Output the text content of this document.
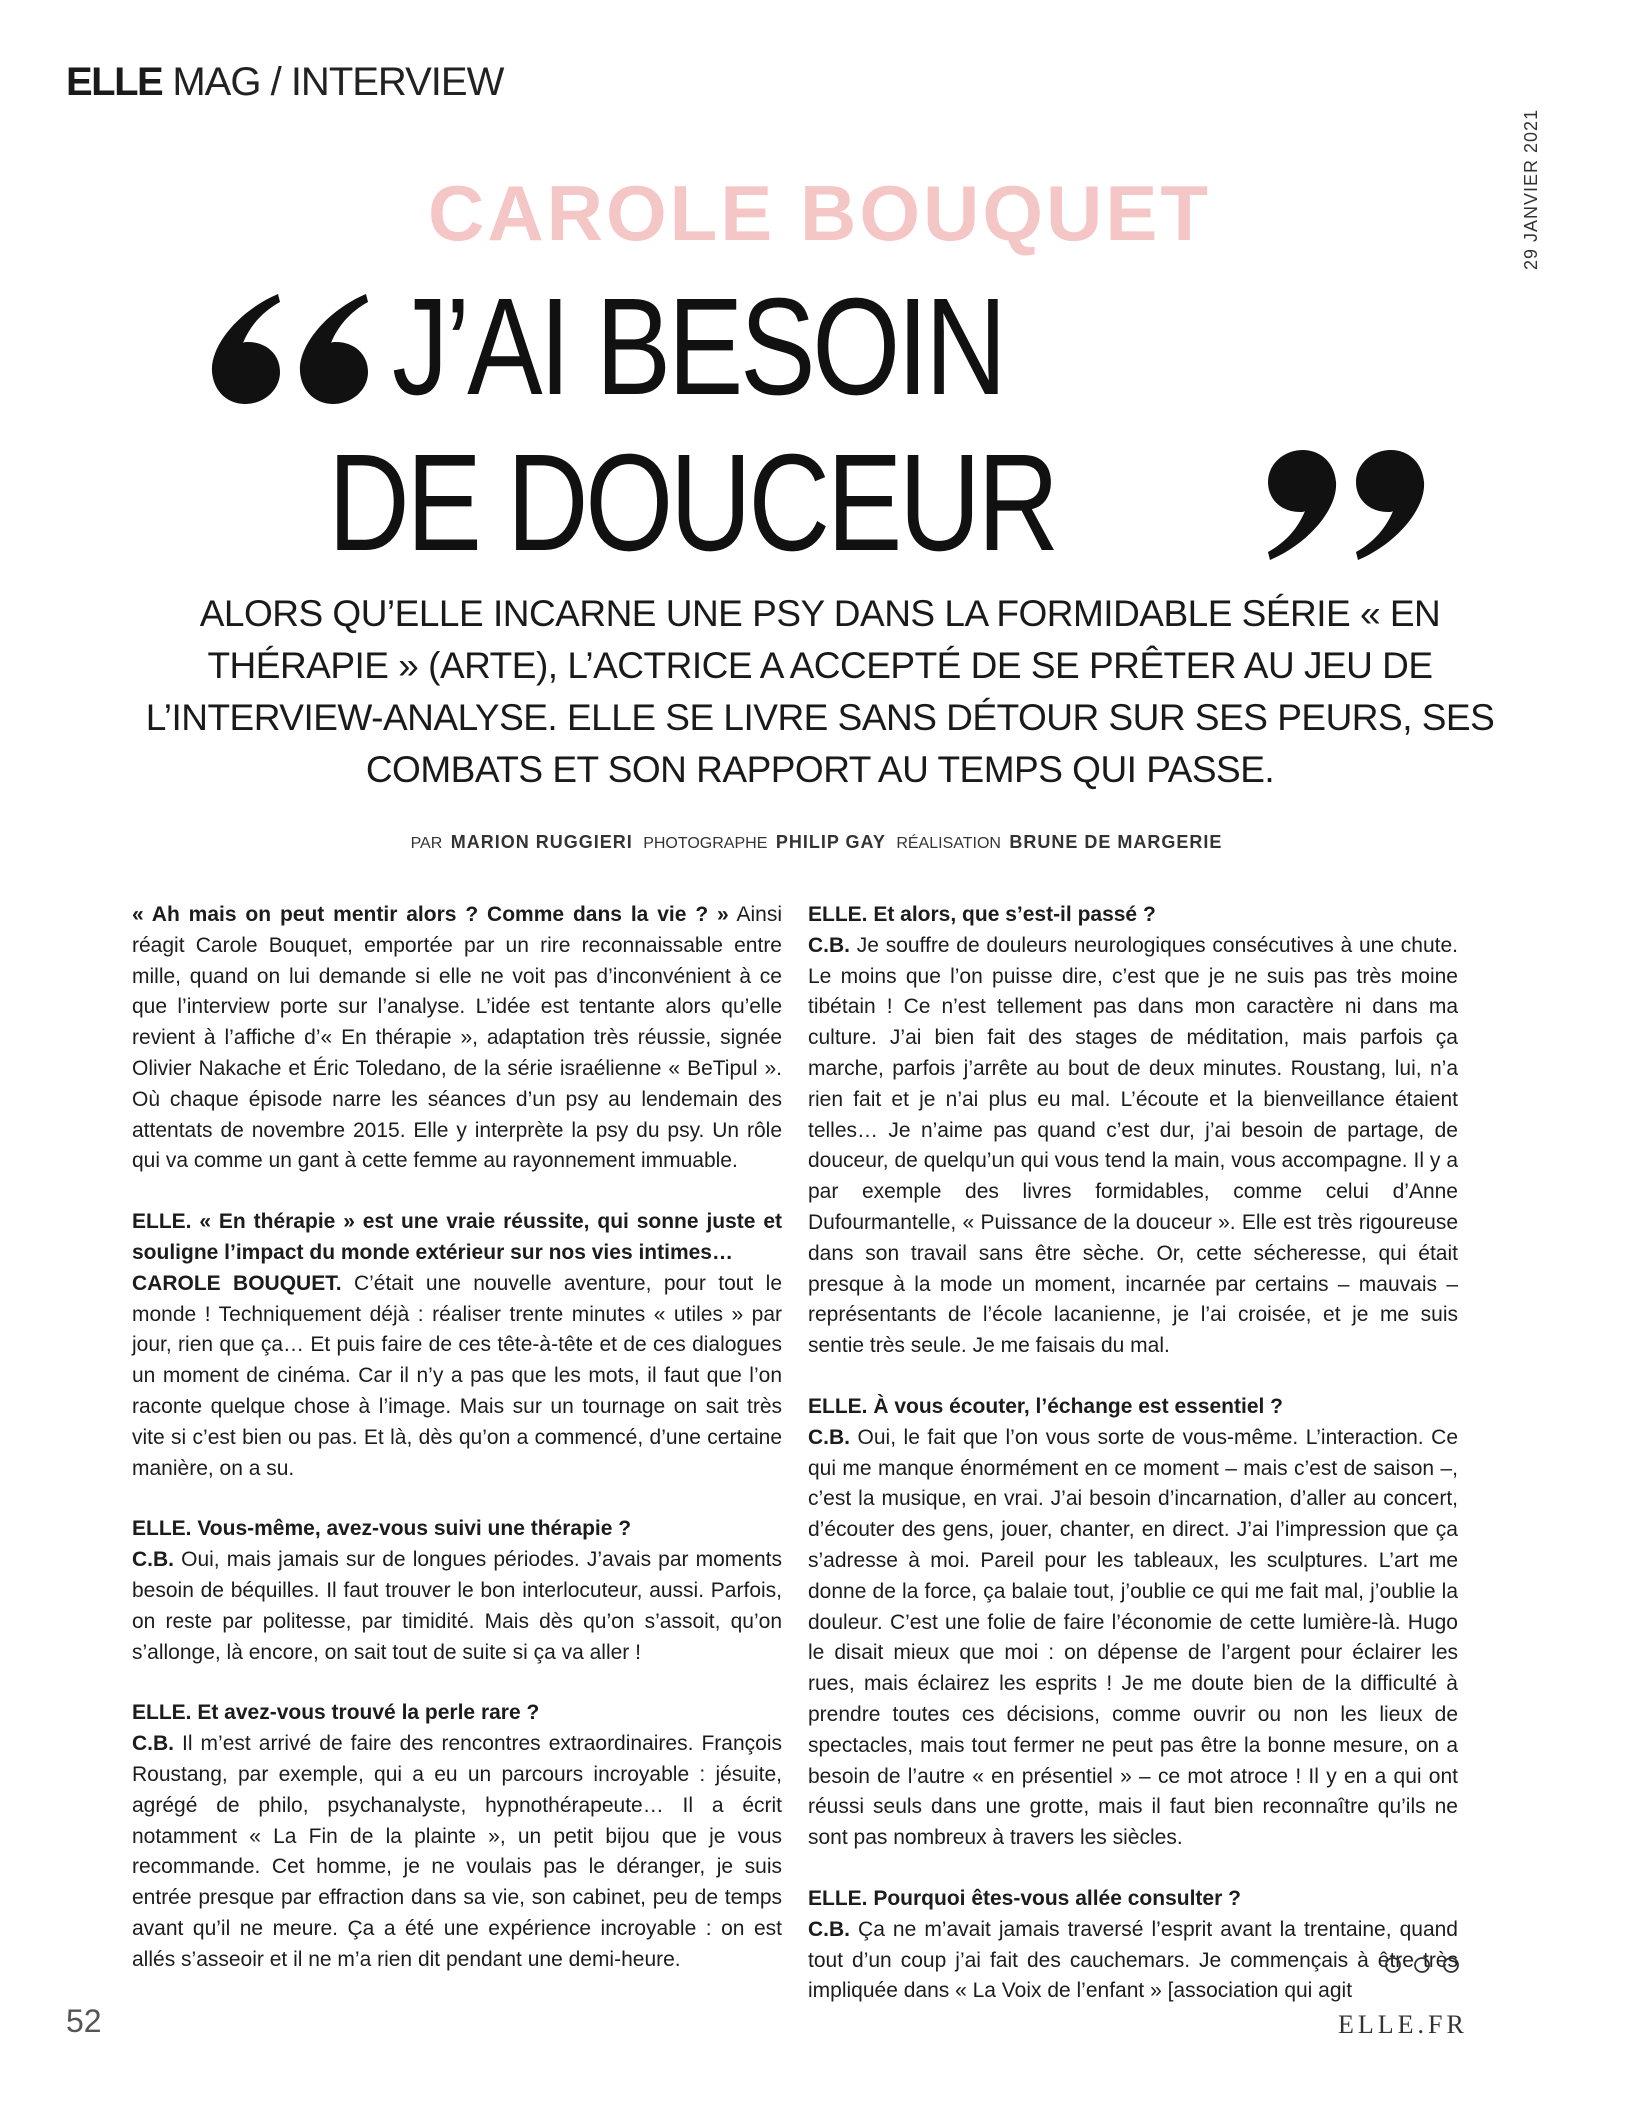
ELLE MAG / INTERVIEW
29 JANVIER 2021
CAROLE BOUQUET
J’AI BESOIN
DE DOUCEUR
ALORS QU’ELLE INCARNE UNE PSY DANS LA FORMIDABLE SÉRIE « EN THÉRAPIE » (ARTE), L’ACTRICE A ACCEPTÉ DE SE PRÊTER AU JEU DE L’INTERVIEW-ANALYSE. ELLE SE LIVRE SANS DÉTOUR SUR SES PEURS, SES COMBATS ET SON RAPPORT AU TEMPS QUI PASSE.
PAR MARION RUGGIERI PHOTOGRAPHE PHILIP GAY RÉALISATION BRUNE DE MARGERIE

« Ah mais on peut mentir alors ? Comme dans la vie ? » Ainsi réagit Carole Bouquet, emportée par un rire reconnaissable entre mille, quand on lui demande si elle ne voit pas d’inconvénient à ce que l’interview porte sur l’analyse. L’idée est tentante alors qu’elle revient à l’affiche d’« En thérapie », adaptation très réussie, signée Olivier Nakache et Éric Toledano, de la série israélienne « BeTipul ». Où chaque épisode narre les séances d’un psy au lendemain des attentats de novembre 2015. Elle y interprète la psy du psy. Un rôle qui va comme un gant à cette femme au rayonnement immuable.

ELLE. « En thérapie » est une vraie réussite, qui sonne juste et souligne l’impact du monde extérieur sur nos vies intimes…
CAROLE BOUQUET. C’était une nouvelle aventure, pour tout le monde ! Techniquement déjà : réaliser trente minutes « utiles » par jour, rien que ça… Et puis faire de ces tête-à-tête et de ces dialogues un moment de cinéma. Car il n’y a pas que les mots, il faut que l’on raconte quelque chose à l’image. Mais sur un tournage on sait très vite si c’est bien ou pas. Et là, dès qu’on a commencé, d’une certaine manière, on a su.

ELLE. Vous-même, avez-vous suivi une thérapie ?
C.B. Oui, mais jamais sur de longues périodes. J’avais par moments besoin de béquilles. Il faut trouver le bon interlocuteur, aussi. Parfois, on reste par politesse, par timidité. Mais dès qu’on s’assoit, qu’on s’allonge, là encore, on sait tout de suite si ça va aller !

ELLE. Et avez-vous trouvé la perle rare ?
C.B. Il m’est arrivé de faire des rencontres extraordinaires. François Roustang, par exemple, qui a eu un parcours incroyable : jésuite, agrégé de philo, psychanalyste, hypnothérapeute… Il a écrit notamment « La Fin de la plainte », un petit bijou que je vous recommande. Cet homme, je ne voulais pas le déranger, je suis entrée presque par effraction dans sa vie, son cabinet, peu de temps avant qu’il ne meure. Ça a été une expérience incroyable : on est allés s’asseoir et il ne m’a rien dit pendant une demi-heure.

ELLE. Et alors, que s’est-il passé ?
C.B. Je souffre de douleurs neurologiques consécutives à une chute. Le moins que l’on puisse dire, c’est que je ne suis pas très moine tibétain ! Ce n’est tellement pas dans mon caractère ni dans ma culture. J’ai bien fait des stages de méditation, mais parfois ça marche, parfois j’arrête au bout de deux minutes. Roustang, lui, n’a rien fait et je n’ai plus eu mal. L’écoute et la bienveillance étaient telles… Je n’aime pas quand c’est dur, j’ai besoin de partage, de douceur, de quelqu’un qui vous tend la main, vous accompagne. Il y a par exemple des livres formidables, comme celui d’Anne Dufourmantelle, « Puissance de la douceur ». Elle est très rigoureuse dans son travail sans être sèche. Or, cette sécheresse, qui était presque à la mode un moment, incarnée par certains – mauvais – représentants de l’école lacanienne, je l’ai croisée, et je me suis sentie très seule. Je me faisais du mal.

ELLE. À vous écouter, l’échange est essentiel ?
C.B. Oui, le fait que l’on vous sorte de vous-même. L’interaction. Ce qui me manque énormément en ce moment – mais c’est de saison –, c’est la musique, en vrai. J’ai besoin d’incarnation, d’aller au concert, d’écouter des gens, jouer, chanter, en direct. J’ai l’impression que ça s’adresse à moi. Pareil pour les tableaux, les sculptures. L’art me donne de la force, ça balaie tout, j’oublie ce qui me fait mal, j’oublie la douleur. C’est une folie de faire l’économie de cette lumière-là. Hugo le disait mieux que moi : on dépense de l’argent pour éclairer les rues, mais éclairez les esprits ! Je me doute bien de la difficulté à prendre toutes ces décisions, comme ouvrir ou non les lieux de spectacles, mais tout fermer ne peut pas être la bonne mesure, on a besoin de l’autre « en présentiel » – ce mot atroce ! Il y en a qui ont réussi seuls dans une grotte, mais il faut bien reconnaître qu’ils ne sont pas nombreux à travers les siècles.

ELLE. Pourquoi êtes-vous allée consulter ?
C.B. Ça ne m’avait jamais traversé l’esprit avant la trentaine, quand tout d’un coup j’ai fait des cauchemars. Je commençais à être très impliquée dans « La Voix de l’enfant » [association qui agit

52	ELLE.FR
